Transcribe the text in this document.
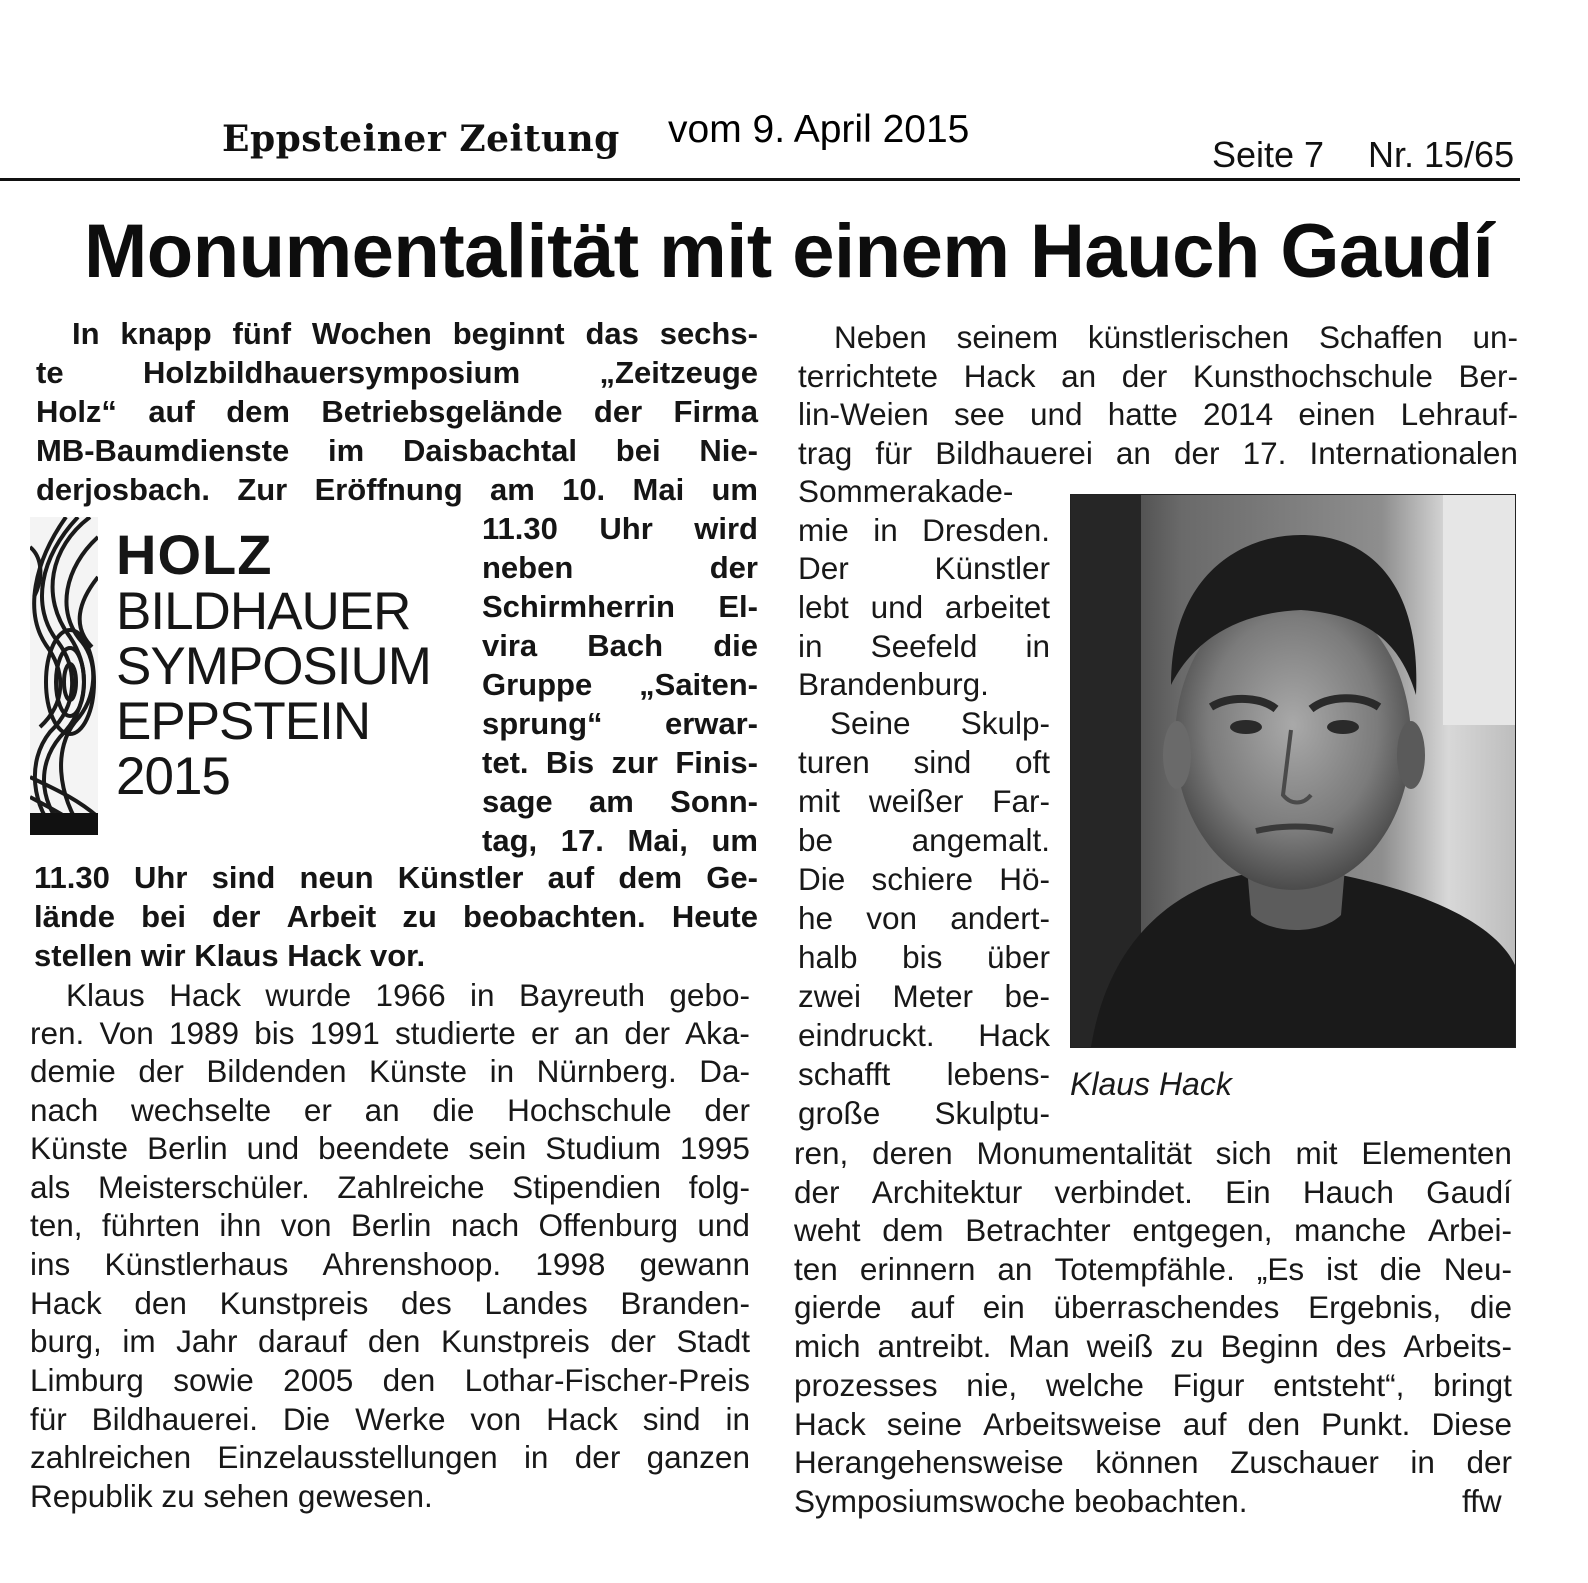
Eppsteiner Zeitung vom 9. April 2015
Seite 7 Nr. 15/65
Monumentalität mit einem Hauch Gaudí
In knapp fünf Wochen beginnt das sechs-
te	Holzbildhauersymposium	„Zeitzeuge
Holz“ auf dem Betriebsgelände der Firma
MB-Baumdienste im Daisbachtal bei Nie-
derjosbach. Zur Eröffnung am 10. Mai um
11.30 Uhr wird
neben	der
Schirmherrin El-
vira Bach die
Gruppe „Saiten-
sprung“ erwar-
tet. Bis zur Finis-
sage am Sonn-
tag, 17. Mai, um
11.30 Uhr sind neun Künstler auf dem Ge-
lände bei der Arbeit zu beobachten. Heute
stellen wir Klaus Hack vor.
HOLZ
BILDHAUER
SYMPOSIUM
EPPSTEIN
2015
Klaus Hack wurde 1966 in Bayreuth gebo-
ren. Von 1989 bis 1991 studierte er an der Aka-
demie der Bildenden Künste in Nürnberg. Da-
nach wechselte er an die Hochschule der
Künste Berlin und beendete sein Studium 1995
als Meisterschüler. Zahlreiche Stipendien folg-
ten, führten ihn von Berlin nach Offenburg und
ins Künstlerhaus Ahrenshoop. 1998 gewann
Hack den Kunstpreis des Landes Branden-
burg, im Jahr darauf den Kunstpreis der Stadt
Limburg sowie 2005 den Lothar-Fischer-Preis
für Bildhauerei. Die Werke von Hack sind in
zahlreichen Einzelausstellungen in der ganzen
Republik zu sehen gewesen.
Neben seinem künstlerischen Schaffen un-
terrichtete Hack an der Kunsthochschule Ber-
lin-Weien see und hatte 2014 einen Lehrauf-
trag für Bildhauerei an der 17. Internationalen
Sommerakade-
mie in Dresden.
Der	Künstler
lebt und arbeitet
in Seefeld in
Brandenburg.
Seine Skulp-
turen sind oft
mit weißer Far-
be angemalt.
Die schiere Hö-
he von andert-
halb bis über
zwei Meter be-
eindruckt. Hack
schafft lebens-
große Skulptu-
ren, deren Monumentalität sich mit Elementen
der Architektur verbindet. Ein Hauch Gaudí
weht dem Betrachter entgegen, manche Arbei-
ten erinnern an Totempfähle. „Es ist die Neu-
gierde auf ein überraschendes Ergebnis, die
mich antreibt. Man weiß zu Beginn des Arbeits-
prozesses nie, welche Figur entsteht“, bringt
Hack seine Arbeitsweise auf den Punkt. Diese
Herangehensweise können Zuschauer in der
Symposiumswoche beobachten.	ffw
Klaus Hack
